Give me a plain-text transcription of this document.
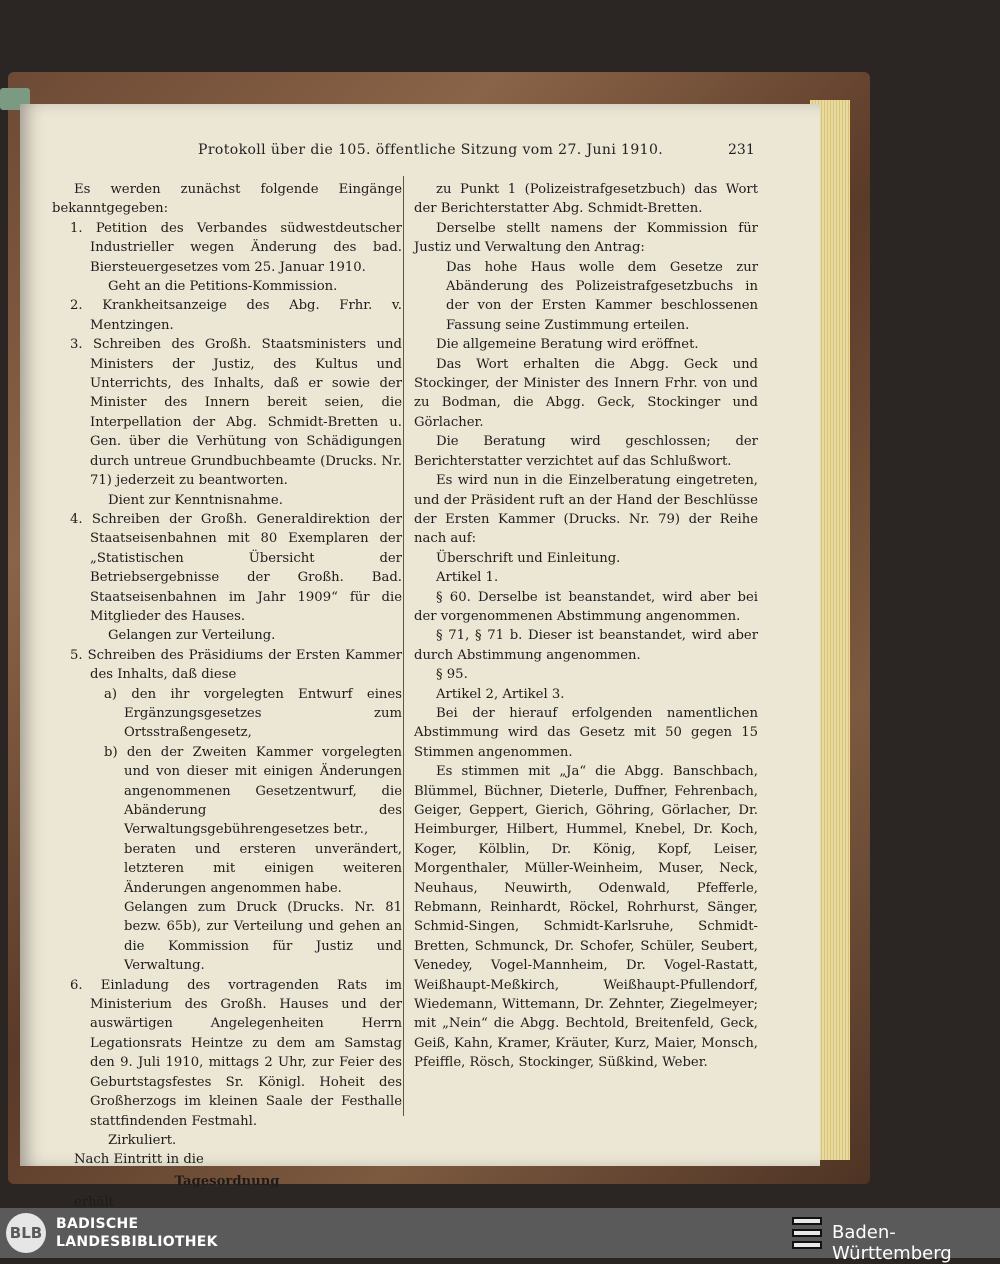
Protokoll über die 105. öffentliche Sitzung vom 27. Juni 1910.	231

Es werden zunächst folgende Eingänge bekanntgegeben:

1. Petition des Verbandes südwestdeutscher Industrieller wegen Änderung des bad. Biersteuergesetzes vom 25. Januar 1910.

Geht an die Petitions-Kommission.

2. Krankheitsanzeige des Abg. Frhr. v. Mentzingen.

3. Schreiben des Großh. Staatsministers und Ministers der Justiz, des Kultus und Unterrichts, des Inhalts, daß er sowie der Minister des Innern bereit seien, die Interpellation der Abg. Schmidt-Bretten u. Gen. über die Verhütung von Schädigungen durch untreue Grundbuchbeamte (Drucks. Nr. 71) jederzeit zu beantworten.

Dient zur Kenntnisnahme.

4. Schreiben der Großh. Generaldirektion der Staatseisenbahnen mit 80 Exemplaren der „Statistischen Übersicht der Betriebsergebnisse der Großh. Bad. Staatseisenbahnen im Jahr 1909“ für die Mitglieder des Hauses.

Gelangen zur Verteilung.

5. Schreiben des Präsidiums der Ersten Kammer des Inhalts, daß diese

a) den ihr vorgelegten Entwurf eines Ergänzungsgesetzes zum Ortsstraßengesetz,

b) den der Zweiten Kammer vorgelegten und von dieser mit einigen Änderungen angenommenen Gesetzentwurf, die Abänderung des Verwaltungsgebührengesetzes betr.,

beraten und ersteren unverändert, letzteren mit einigen weiteren Änderungen angenommen habe.

Gelangen zum Druck (Drucks. Nr. 81 bezw. 65b), zur Verteilung und gehen an die Kommission für Justiz und Verwaltung.

6. Einladung des vortragenden Rats im Ministerium des Großh. Hauses und der auswärtigen Angelegenheiten Herrn Legationsrats Heintze zu dem am Samstag den 9. Juli 1910, mittags 2 Uhr, zur Feier des Geburtstagsfestes Sr. Königl. Hoheit des Großherzogs im kleinen Saale der Festhalle stattfindenden Festmahl.

Zirkuliert.

Nach Eintritt in die

Tagesordnung

erhält

zu Punkt 1 (Polizeistrafgesetzbuch) das Wort der Berichterstatter Abg. Schmidt-Bretten.

Derselbe stellt namens der Kommission für Justiz und Verwaltung den Antrag:

Das hohe Haus wolle dem Gesetze zur Abänderung des Polizeistrafgesetzbuchs in der von der Ersten Kammer beschlossenen Fassung seine Zustimmung erteilen.

Die allgemeine Beratung wird eröffnet.

Das Wort erhalten die Abgg. Geck und Stockinger, der Minister des Innern Frhr. von und zu Bodman, die Abgg. Geck, Stockinger und Görlacher.

Die Beratung wird geschlossen; der Berichterstatter verzichtet auf das Schlußwort.

Es wird nun in die Einzelberatung eingetreten, und der Präsident ruft an der Hand der Beschlüsse der Ersten Kammer (Drucks. Nr. 79) der Reihe nach auf:

Überschrift und Einleitung.

Artikel 1.

§ 60. Derselbe ist beanstandet, wird aber bei der vorgenommenen Abstimmung angenommen.

§ 71, § 71 b. Dieser ist beanstandet, wird aber durch Abstimmung angenommen.

§ 95.

Artikel 2, Artikel 3.

Bei der hierauf erfolgenden namentlichen Abstimmung wird das Gesetz mit 50 gegen 15 Stimmen angenommen.

Es stimmen mit „Ja“ die Abgg. Banschbach, Blümmel, Büchner, Dieterle, Duffner, Fehrenbach, Geiger, Geppert, Gierich, Göhring, Görlacher, Dr. Heimburger, Hilbert, Hummel, Knebel, Dr. Koch, Koger, Kölblin, Dr. König, Kopf, Leiser, Morgenthaler, Müller-Weinheim, Muser, Neck, Neuhaus, Neuwirth, Odenwald, Pfefferle, Rebmann, Reinhardt, Röckel, Rohrhurst, Sänger, Schmid-Singen, Schmidt-Karlsruhe, Schmidt-Bretten, Schmunck, Dr. Schofer, Schüler, Seubert, Venedey, Vogel-Mannheim, Dr. Vogel-Rastatt, Weißhaupt-Meßkirch, Weißhaupt-Pfullendorf, Wiedemann, Wittemann, Dr. Zehnter, Ziegelmeyer; mit „Nein“ die Abgg. Bechtold, Breitenfeld, Geck, Geiß, Kahn, Kramer, Kräuter, Kurz, Maier, Monsch, Pfeiffle, Rösch, Stockinger, Süßkind, Weber.

BLB BADISCHE
LANDESBIBLIOTHEK	Baden-Württemberg
